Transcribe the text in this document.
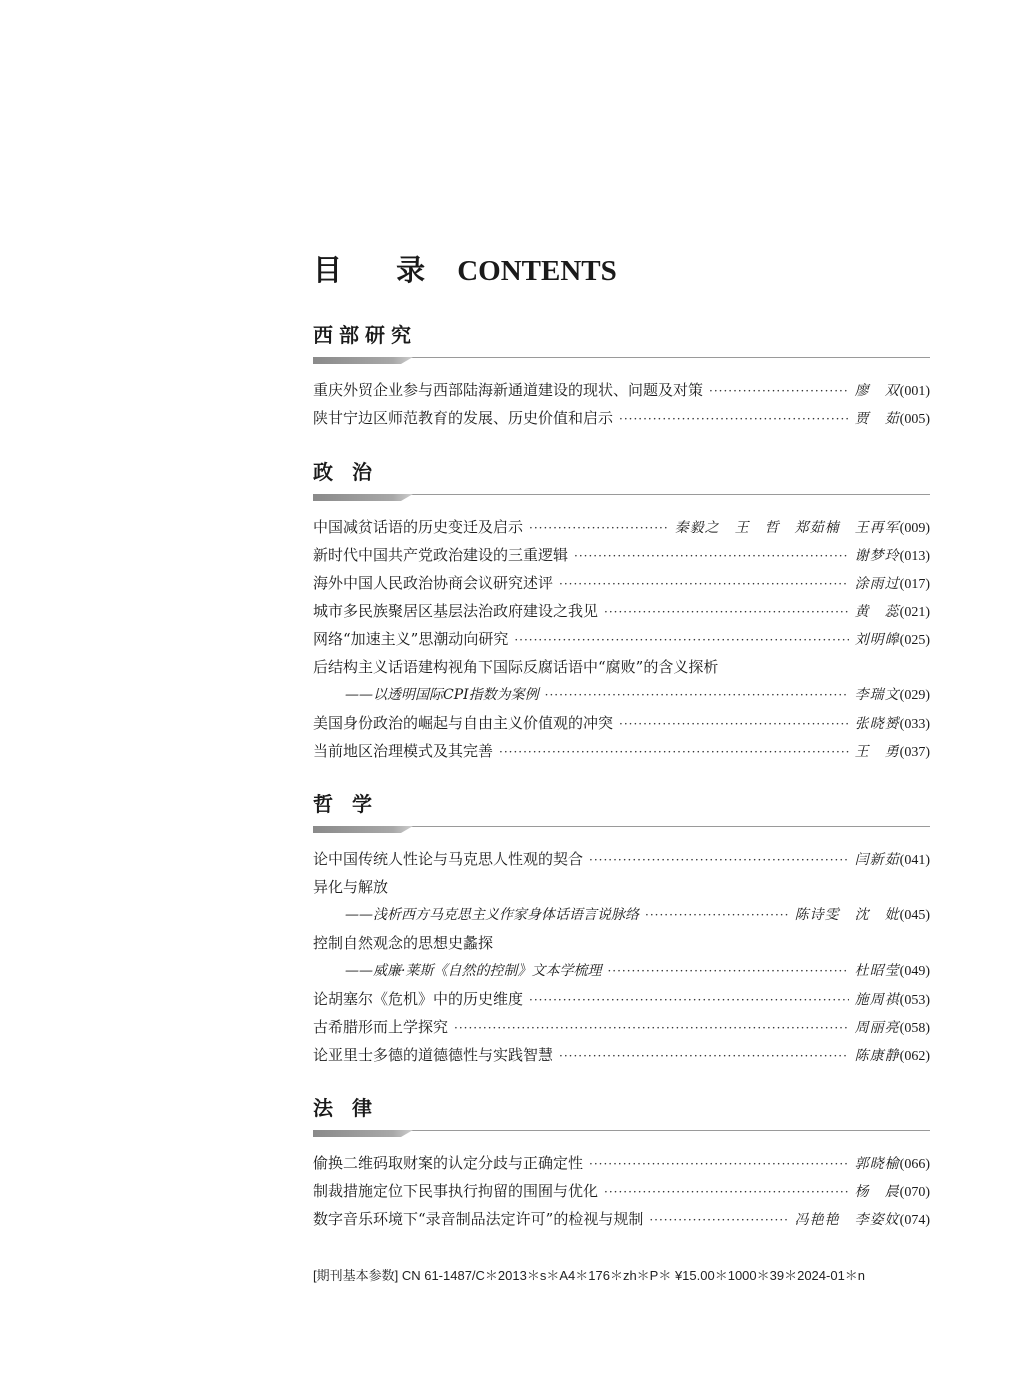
目 录 CONTENTS
西部研究
重庆外贸企业参与西部陆海新通道建设的现状、问题及对策 ·····	廖　双 (001)
陕甘宁边区师范教育的发展、历史价值和启示 ·····	贾　茹 (005)
政 治
中国减贫话语的历史变迁及启示 ·····	秦毅之　王　哲　郑茹楠　王再军 (009)
新时代中国共产党政治建设的三重逻辑 ·····	谢梦玲 (013)
海外中国人民政治协商会议研究述评 ·····	涂雨过 (017)
城市多民族聚居区基层法治政府建设之我见 ·····	黄　蕊 (021)
网络“加速主义”思潮动向研究 ·····	刘明皞 (025)
后结构主义话语建构视角下国际反腐话语中“腐败”的含义探析
——以透明国际CPI指数为案例 ·····	李瑞文 (029)
美国身份政治的崛起与自由主义价值观的冲突 ·····	张晓赟 (033)
当前地区治理模式及其完善 ·····	王　勇 (037)
哲 学
论中国传统人性论与马克思人性观的契合 ·····	闫新茹 (041)
异化与解放
——浅析西方马克思主义作家身体话语言说脉络 ·····	陈诗雯　沈　妣 (045)
控制自然观念的思想史蠡探
——威廉·莱斯《自然的控制》文本学梳理 ·····	杜昭莹 (049)
论胡塞尔《危机》中的历史维度 ·····	施周祺 (053)
古希腊形而上学探究 ·····	周丽亮 (058)
论亚里士多德的道德德性与实践智慧 ·····	陈康静 (062)
法 律
偷换二维码取财案的认定分歧与正确定性 ·····	郭晓榆 (066)
制裁措施定位下民事执行拘留的围囿与优化 ·····	杨　晨 (070)
数字音乐环境下“录音制品法定许可”的检视与规制 ·····	冯艳艳　李姿妏 (074)
[期刊基本参数] CN 61-1487/C＊2013＊s＊A4＊176＊zh＊P＊ ¥15.00＊1000＊39＊2024-01＊n
